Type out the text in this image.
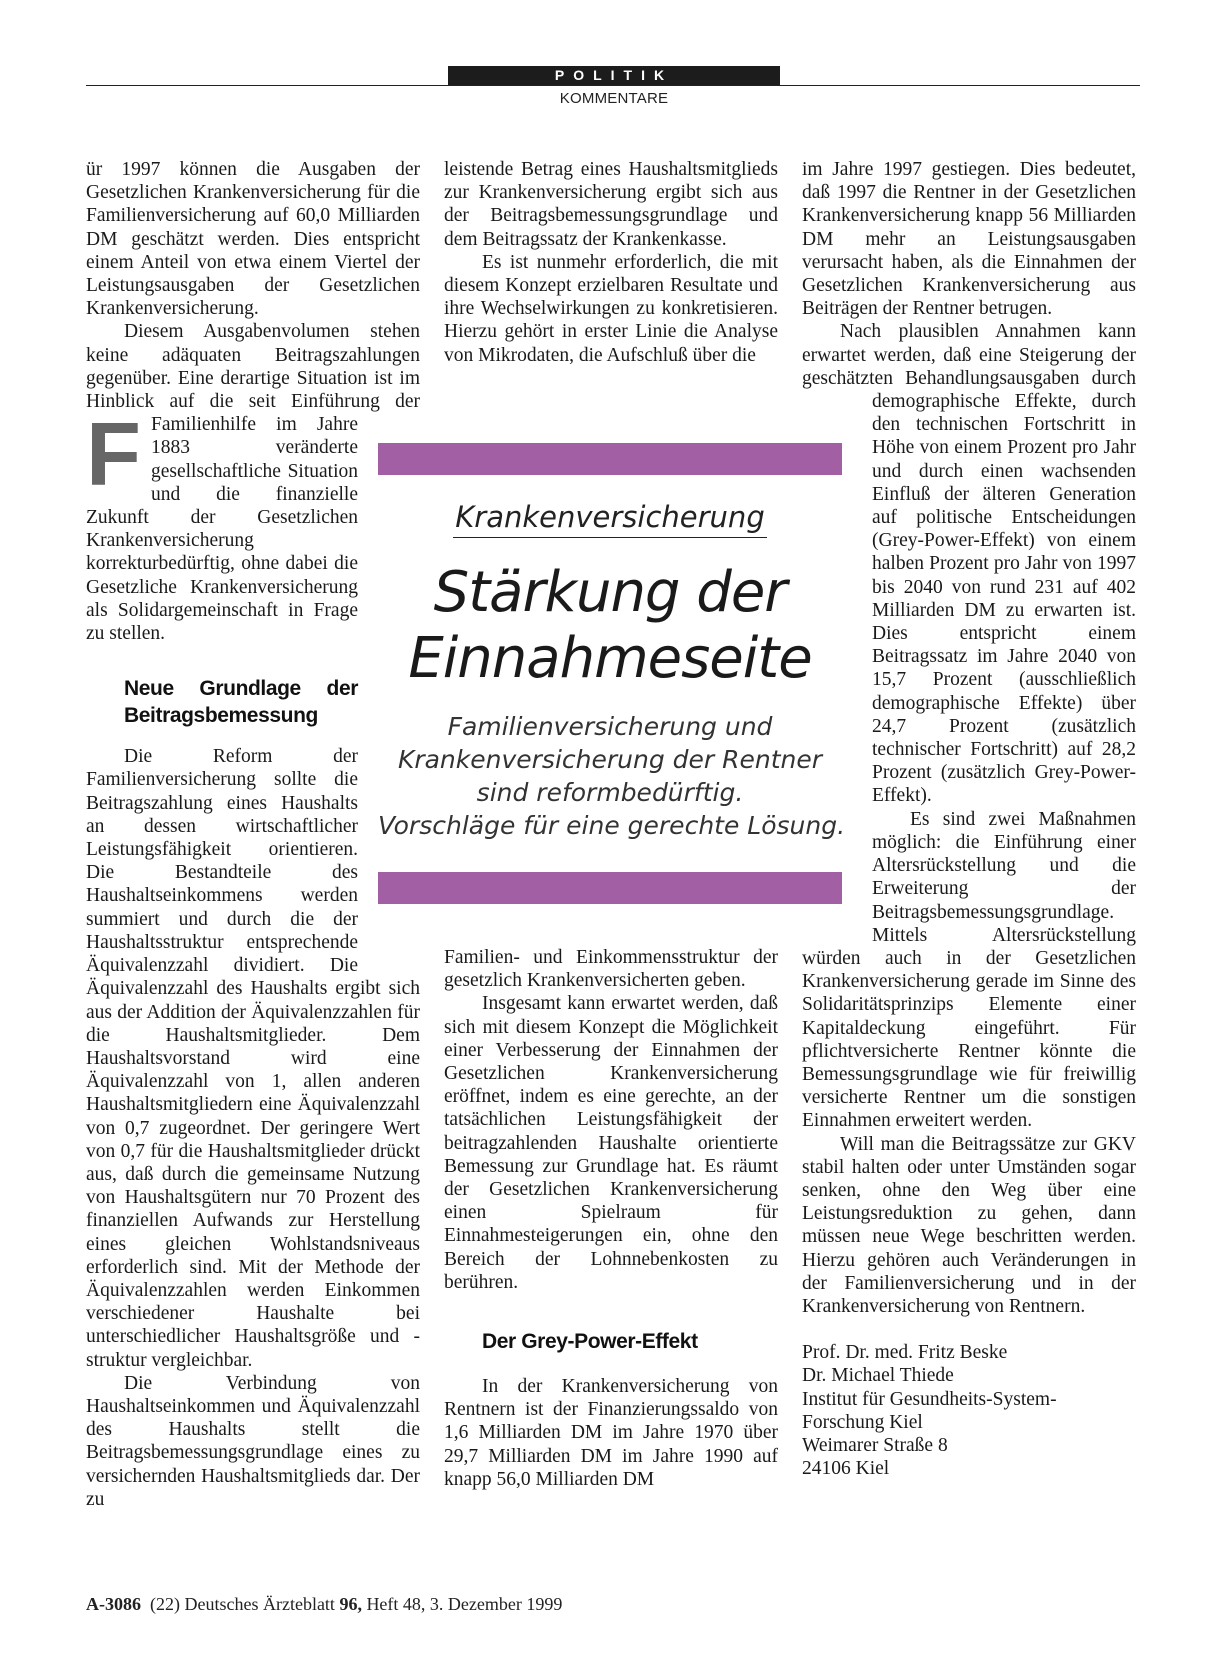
POLITIK
KOMMENTARE
F

ür 1997 können die Ausgaben der Gesetzlichen Krankenversicherung für die Familienversicherung auf 60,0 Milliarden DM geschätzt werden. Dies entspricht einem Anteil von etwa einem Viertel der Leistungsausgaben der Gesetzlichen Krankenversicherung.

Diesem Ausgabenvolumen stehen keine adäquaten Beitragszahlungen gegenüber. Eine derartige Situation ist im Hinblick auf die seit Einführung der Familienhilfe im Jahre 1883 veränderte gesellschaftliche Situation und die finanzielle Zukunft der Gesetzlichen Krankenversicherung korrekturbedürftig, ohne dabei die Gesetzliche Krankenversicherung als Solidargemeinschaft in Frage zu stellen.

Neue Grundlage der Beitragsbemessung

Die Reform der Familienversicherung sollte die Beitragszahlung eines Haushalts an dessen wirtschaftlicher Leistungsfähigkeit orientieren. Die Bestandteile des Haushaltseinkommens werden summiert und durch die der Haushaltsstruktur entsprechende Äquivalenzzahl dividiert. Die Äquivalenzzahl des Haushalts ergibt sich aus der Addition der Äquivalenzzahlen für die Haushaltsmitglieder. Dem Haushaltsvorstand wird eine Äquivalenzzahl von 1, allen anderen Haushaltsmitgliedern eine Äquivalenzzahl von 0,7 zugeordnet. Der geringere Wert von 0,7 für die Haushaltsmitglieder drückt aus, daß durch die gemeinsame Nutzung von Haushaltsgütern nur 70 Prozent des finanziellen Aufwands zur Herstellung eines gleichen Wohlstandsniveaus erforderlich sind. Mit der Methode der Äquivalenzzahlen werden Einkommen verschiedener Haushalte bei unterschiedlicher Haushaltsgröße und -struktur vergleichbar.

Die Verbindung von Haushaltseinkommen und Äquivalenzzahl des Haushalts stellt die Beitragsbemessungsgrundlage eines zu versichernden Haushaltsmitglieds dar. Der zu

leistende Betrag eines Haushaltsmitglieds zur Krankenversicherung ergibt sich aus der Beitragsbemessungsgrundlage und dem Beitragssatz der Krankenkasse.

Es ist nunmehr erforderlich, die mit diesem Konzept erzielbaren Resultate und ihre Wechselwirkungen zu konkretisieren. Hierzu gehört in erster Linie die Analyse von Mikrodaten, die Aufschluß über die

Krankenversicherung
Stärkung der Einnahmeseite
Familienversicherung und
Krankenversicherung der Rentner
sind reformbedürftig.
Vorschläge für eine gerechte Lösung.

Familien- und Einkommensstruktur der gesetzlich Krankenversicherten geben.

Insgesamt kann erwartet werden, daß sich mit diesem Konzept die Möglichkeit einer Verbesserung der Einnahmen der Gesetzlichen Krankenversicherung eröffnet, indem es eine gerechte, an der tatsächlichen Leistungsfähigkeit der beitragzahlenden Haushalte orientierte Bemessung zur Grundlage hat. Es räumt der Gesetzlichen Krankenversicherung einen Spielraum für Einnahmesteigerungen ein, ohne den Bereich der Lohnnebenkosten zu berühren.

Der Grey-Power-Effekt

In der Krankenversicherung von Rentnern ist der Finanzierungssaldo von 1,6 Milliarden DM im Jahre 1970 über 29,7 Milliarden DM im Jahre 1990 auf knapp 56,0 Milliarden DM

im Jahre 1997 gestiegen. Dies bedeutet, daß 1997 die Rentner in der Gesetzlichen Krankenversicherung knapp 56 Milliarden DM mehr an Leistungsausgaben verursacht haben, als die Einnahmen der Gesetzlichen Krankenversicherung aus Beiträgen der Rentner betrugen.

Nach plausiblen Annahmen kann erwartet werden, daß eine Steigerung der geschätzten Behandlungsausgaben durch demographische Effekte, durch den technischen Fortschritt in Höhe von einem Prozent pro Jahr und durch einen wachsenden Einfluß der älteren Generation auf politische Entscheidungen (Grey-Power-Effekt) von einem halben Prozent pro Jahr von 1997 bis 2040 von rund 231 auf 402 Milliarden DM zu erwarten ist. Dies entspricht einem Beitragssatz im Jahre 2040 von 15,7 Prozent (ausschließlich demographische Effekte) über 24,7 Prozent (zusätzlich technischer Fortschritt) auf 28,2 Prozent (zusätzlich Grey-Power-Effekt).

Es sind zwei Maßnahmen möglich: die Einführung einer Altersrückstellung und die Erweiterung der Beitragsbemessungsgrundlage. Mittels Altersrückstellung würden auch in der Gesetzlichen Krankenversicherung gerade im Sinne des Solidaritätsprinzips Elemente einer Kapitaldeckung eingeführt. Für pflichtversicherte Rentner könnte die Bemessungsgrundlage wie für freiwillig versicherte Rentner um die sonstigen Einnahmen erweitert werden.

Will man die Beitragssätze zur GKV stabil halten oder unter Umständen sogar senken, ohne den Weg über eine Leistungsreduktion zu gehen, dann müssen neue Wege beschritten werden. Hierzu gehören auch Veränderungen in der Familienversicherung und in der Krankenversicherung von Rentnern.

Prof. Dr. med. Fritz Beske
Dr. Michael Thiede
Institut für Gesundheits-System-
Forschung Kiel
Weimarer Straße 8
24106 Kiel
A-3086 (22) Deutsches Ärzteblatt 96, Heft 48, 3. Dezember 1999
